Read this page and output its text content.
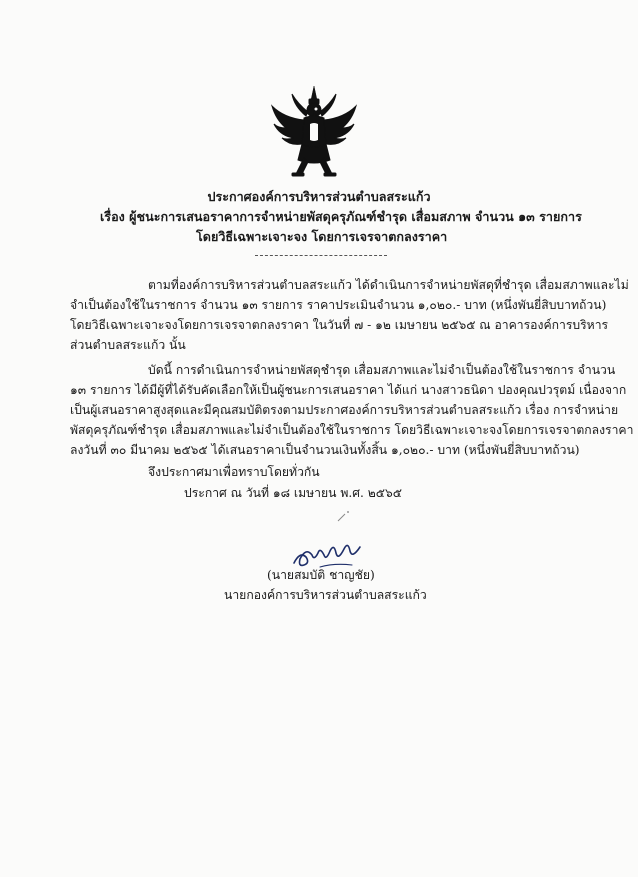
ประกาศองค์การบริหารส่วนตำบลสระแก้ว
เรื่อง ผู้ชนะการเสนอราคาการจำหน่ายพัสดุครุภัณฑ์ชำรุด เสื่อมสภาพ จำนวน ๑๓ รายการ
โดยวิธีเฉพาะเจาะจง โดยการเจรจาตกลงราคา
ตามที่องค์การบริหารส่วนตำบลสระแก้ว ได้ดำเนินการจำหน่ายพัสดุที่ชำรุด เสื่อมสภาพและไม่
จำเป็นต้องใช้ในราชการ จำนวน ๑๓ รายการ ราคาประเมินจำนวน ๑,๐๒๐.- บาท (หนึ่งพันยี่สิบบาทถ้วน)
โดยวิธีเฉพาะเจาะจงโดยการเจรจาตกลงราคา ในวันที่ ๗ - ๑๒ เมษายน ๒๕๖๕ ณ อาคารองค์การบริหาร
ส่วนตำบลสระแก้ว นั้น
บัดนี้ การดำเนินการจำหน่ายพัสดุชำรุด เสื่อมสภาพและไม่จำเป็นต้องใช้ในราชการ จำนวน
๑๓ รายการ ได้มีผู้ที่ได้รับคัดเลือกให้เป็นผู้ชนะการเสนอราคา ได้แก่ นางสาวธนิดา ปองคุณปวรุตม์ เนื่องจาก
เป็นผู้เสนอราคาสูงสุดและมีคุณสมบัติตรงตามประกาศองค์การบริหารส่วนตำบลสระแก้ว เรื่อง การจำหน่าย
พัสดุครุภัณฑ์ชำรุด เสื่อมสภาพและไม่จำเป็นต้องใช้ในราชการ โดยวิธีเฉพาะเจาะจงโดยการเจรจาตกลงราคา
ลงวันที่ ๓๐ มีนาคม ๒๕๖๕ ได้เสนอราคาเป็นจำนวนเงินทั้งสิ้น ๑,๐๒๐.- บาท (หนึ่งพันยี่สิบบาทถ้วน)
จึงประกาศมาเพื่อทราบโดยทั่วกัน
ประกาศ ณ วันที่ ๑๘ เมษายน พ.ศ. ๒๕๖๕
(นายสมบัติ ชาญชัย)
นายกองค์การบริหารส่วนตำบลสระแก้ว
